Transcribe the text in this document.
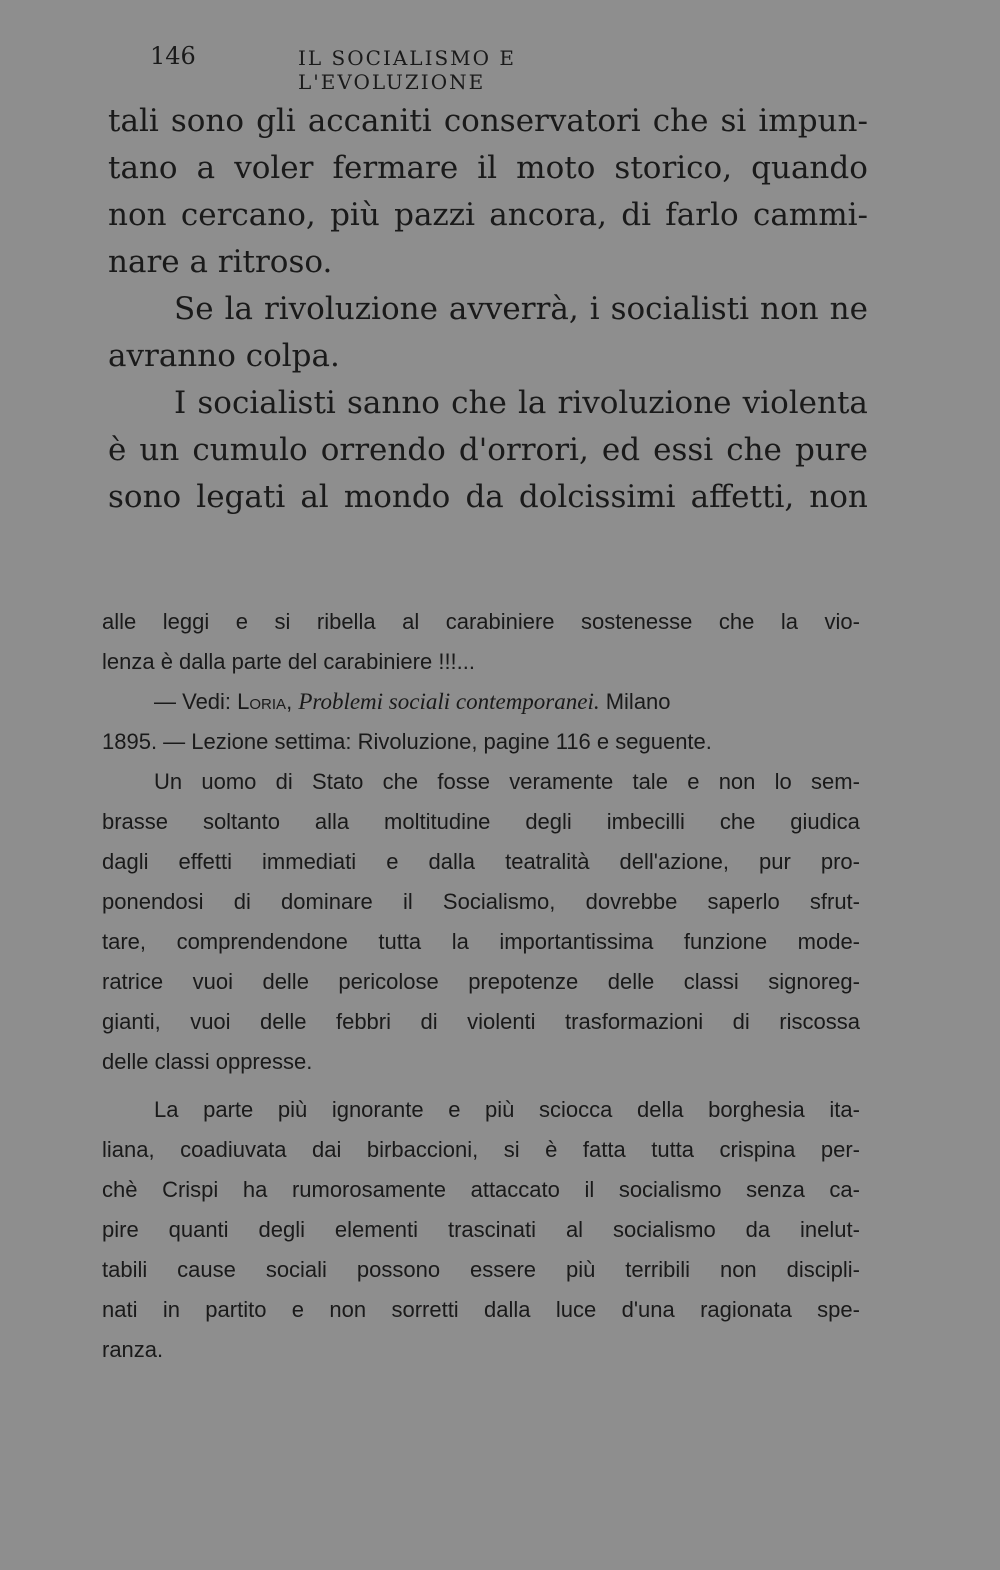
146	IL SOCIALISMO E L'EVOLUZIONE
tali sono gli accaniti conservatori che si impun-
tano a voler fermare il moto storico, quando
non cercano, più pazzi ancora, di farlo cammi-
nare a ritroso.
Se la rivoluzione avverrà, i socialisti non ne
avranno colpa.
I socialisti sanno che la rivoluzione violenta
è un cumulo orrendo d'orrori, ed essi che pure
sono legati al mondo da dolcissimi affetti, non
alle leggi e si ribella al carabiniere sostenesse che la vio-
lenza è dalla parte del carabiniere !!!...
— Vedi: Loria , Problemi sociali contemporanei. Milano
1895. — Lezione settima: Rivoluzione, pagine 116 e seguente.
Un uomo di Stato che fosse veramente tale e non lo sem-
brasse soltanto alla moltitudine degli imbecilli che giudica
dagli effetti immediati e dalla teatralità dell'azione, pur pro-
ponendosi di dominare il Socialismo, dovrebbe saperlo sfrut-
tare, comprendendone tutta la importantissima funzione mode-
ratrice vuoi delle pericolose prepotenze delle classi signoreg-
gianti, vuoi delle febbri di violenti trasformazioni di riscossa
delle classi oppresse.
La parte più ignorante e più sciocca della borghesia ita-
liana, coadiuvata dai birbaccioni, si è fatta tutta crispina per-
chè Crispi ha rumorosamente attaccato il socialismo senza ca-
pire quanti degli elementi trascinati al socialismo da inelut-
tabili cause sociali possono essere più terribili non discipli-
nati in partito e non sorretti dalla luce d'una ragionata spe-
ranza.
